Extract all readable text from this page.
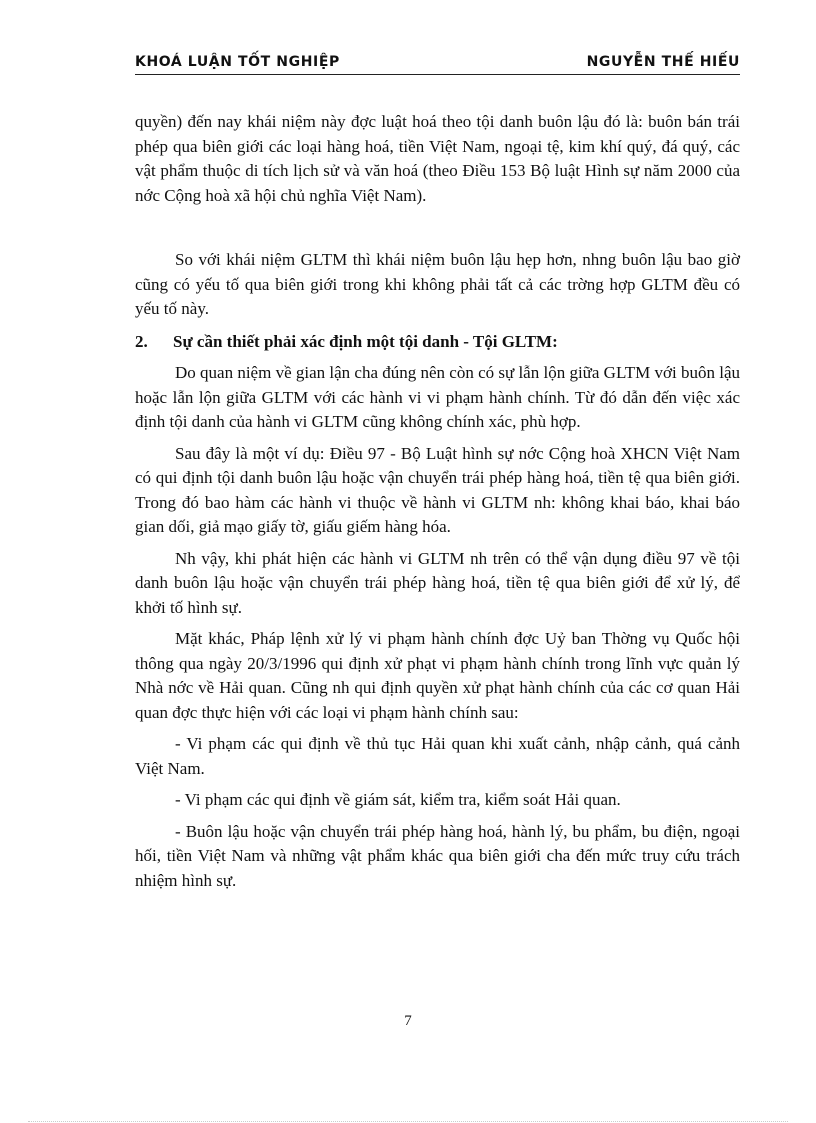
KHOÁ LUẬN TỐT NGHIỆP	NGUYỄN THẾ HIẾU

quyền) đến nay khái niệm này đợc luật hoá theo tội danh buôn lậu đó là: buôn bán trái phép qua biên giới các loại hàng hoá, tiền Việt Nam, ngoại tệ, kim khí quý, đá quý, các vật phẩm thuộc di tích lịch sử và văn hoá (theo Điều 153 Bộ luật Hình sự năm 2000 của nớc Cộng hoà xã hội chủ nghĩa Việt Nam).

So với khái niệm GLTM thì khái niệm buôn lậu hẹp hơn, nhng buôn lậu bao giờ cũng có yếu tố qua biên giới trong khi không phải tất cả các trờng hợp GLTM đều có yếu tố này.

2. Sự cần thiết phải xác định một tội danh - Tội GLTM:

Do quan niệm về gian lận cha đúng nên còn có sự lẫn lộn giữa GLTM với buôn lậu hoặc lẫn lộn giữa GLTM với các hành vi vi phạm hành chính. Từ đó dẫn đến việc xác định tội danh của hành vi GLTM cũng không chính xác, phù hợp.

Sau đây là một ví dụ: Điều 97 - Bộ Luật hình sự nớc Cộng hoà XHCN Việt Nam có qui định tội danh buôn lậu hoặc vận chuyển trái phép hàng hoá, tiền tệ qua biên giới. Trong đó bao hàm các hành vi thuộc về hành vi GLTM nh: không khai báo, khai báo gian dối, giả mạo giấy tờ, giấu giếm hàng hóa.

Nh vậy, khi phát hiện các hành vi GLTM nh trên có thể vận dụng điều 97 về tội danh buôn lậu hoặc vận chuyển trái phép hàng hoá, tiền tệ qua biên giới để xử lý, để khởi tố hình sự.

Mặt khác, Pháp lệnh xử lý vi phạm hành chính đợc Uỷ ban Thờng vụ Quốc hội thông qua ngày 20/3/1996 qui định xử phạt vi phạm hành chính trong lĩnh vực quản lý Nhà nớc về Hải quan. Cũng nh qui định quyền xử phạt hành chính của các cơ quan Hải quan đợc thực hiện với các loại vi phạm hành chính sau:

- Vi phạm các qui định về thủ tục Hải quan khi xuất cảnh, nhập cảnh, quá cảnh Việt Nam.

- Vi phạm các qui định về giám sát, kiểm tra, kiểm soát Hải quan.

- Buôn lậu hoặc vận chuyển trái phép hàng hoá, hành lý, bu phẩm, bu điện, ngoại hối, tiền Việt Nam và những vật phẩm khác qua biên giới cha đến mức truy cứu trách nhiệm hình sự.

7
